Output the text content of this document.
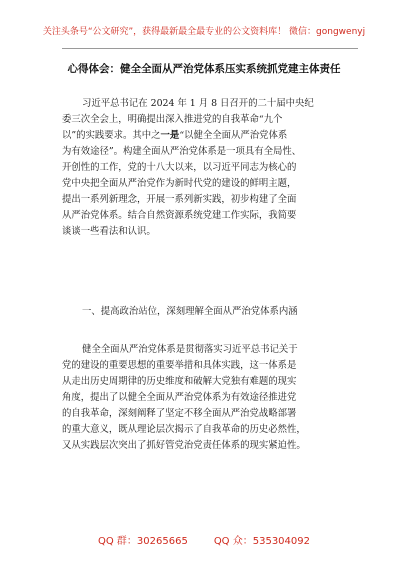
关注头条号“公文研究”，获得最新最全最专业的公文资料库！ 微信：gongwenyj
心得体会：健全全面从严治党体系压实系统抓党建主体责任
习近平总书记在 2024 年 1 月 8 日召开的二十届中央纪
委三次全会上，明确提出深入推进党的自我革命“九个
以”的实践要求。其中之一是“以健全全面从严治党体系
为有效途径”。构建全面从严治党体系是一项具有全局性、
开创性的工作，党的十八大以来，以习近平同志为核心的
党中央把全面从严治党作为新时代党的建设的鲜明主题，
提出一系列新理念，开展一系列新实践，初步构建了全面
从严治党体系。结合自然资源系统党建工作实际，我简要
谈谈一些看法和认识。
一、提高政治站位，深刻理解全面从严治党体系内涵
健全全面从严治党体系是贯彻落实习近平总书记关于
党的建设的重要思想的重要举措和具体实践，这一体系是
从走出历史周期律的历史维度和破解大党独有难题的现实
角度，提出了以健全全面从严治党体系为有效途径推进党
的自我革命，深刻阐释了坚定不移全面从严治党战略部署
的重大意义，既从理论层次揭示了自我革命的历史必然性，
又从实践层次突出了抓好管党治党责任体系的现实紧迫性。
QQ 群：30265665	QQ 众：535304092
